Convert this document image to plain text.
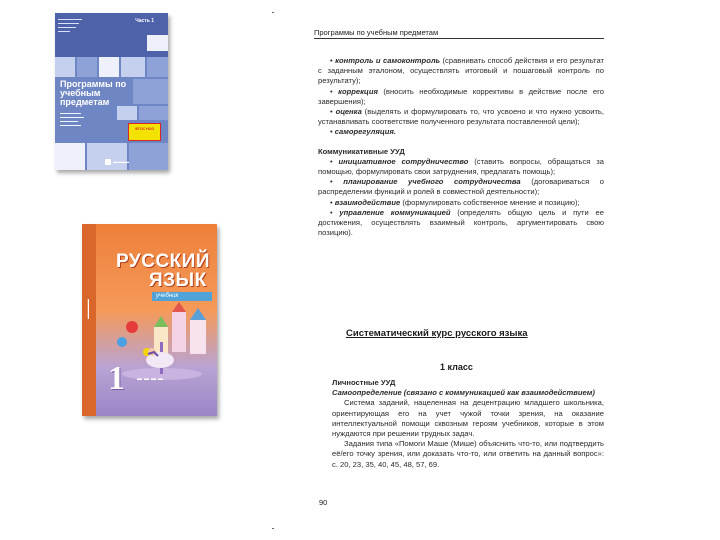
▬▬▬▬▬▬▬▬
▬▬▬▬▬▬▬
▬▬▬▬▬▬
▬▬▬▬
Часть 1
Программы по учебным предметам
▬▬▬▬▬▬▬
▬▬▬▬▬▬▬▬
▬▬▬▬▬▬
▬▬▬▬▬▬▬
ФГОС НОО
▬▬▬▬
РУССКИЙ
ЯЗЫК
учебник
1 ▬▬▬▬
▬▬▬▬▬
Программы по учебным предметам

• контроль и самоконтроль (сравнивать способ действия и его результат с заданным эталоном, осуществлять итоговый и пошаговый контроль по результату);

• коррекция (вносить необходимые коррективы в действие после его завершения);

• оценка (выделять и формулировать то, что усвоено и что нужно усвоить, устанавливать соответствие полученного результата поставленной цели);

• саморегуляция.

Коммуникативные УУД

• инициативное сотрудничество (ставить вопросы, обращаться за помощью, формулировать свои затруднения, предлагать помощь);

• планирование учебного сотрудничества (договариваться о распределении функций и ролей в совместной деятельности);

• взаимодействие (формулировать собственное мнение и позицию);

• управление коммуникацией (определять общую цель и пути ее достижения, осуществлять взаимный контроль, аргументировать свою позицию).

Систематический курс русского языка
1 класс

Личностные УУД

Самоопределение (связано с коммуникацией как взаимодействием)

Система заданий, нацеленная на децентрацию младшего школьника, ориентирующая его на учет чужой точки зрения, на оказание интеллектуальной помощи сквозным героям учебников, которые в этом нуждаются при решении трудных задач.

Задания типа «Помоги Маше (Мише) объяснить что-то, или подтвердить её/его точку зрения, или доказать что-то, или ответить на данный вопрос»: с. 20, 23, 35, 40, 45, 48, 57, 69.

90
